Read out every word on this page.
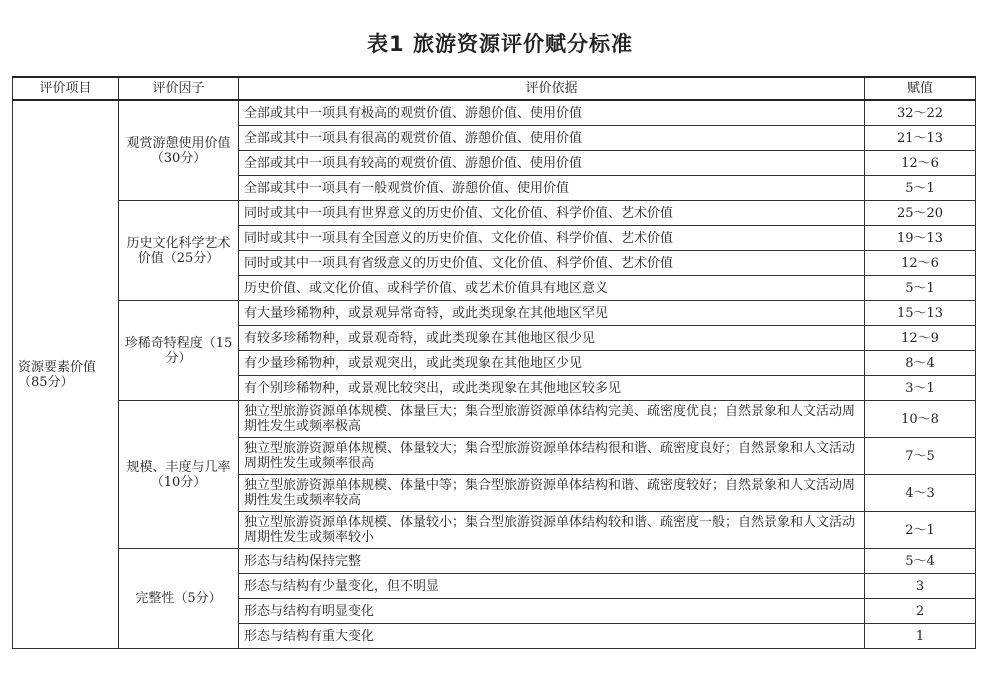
表1 旅游资源评价赋分标准
评价项目	评价因子	评价依据	赋值
资源要素价值（85分）	观赏游憩使用价值（30分）	全部或其中一项具有极高的观赏价值、游憩价值、使用价值	32～22
		全部或其中一项具有很高的观赏价值、游憩价值、使用价值	21～13
		全部或其中一项具有较高的观赏价值、游憩价值、使用价值	12～6
		全部或其中一项具有一般观赏价值、游憩价值、使用价值	5～1
	历史文化科学艺术价值（25分）	同时或其中一项具有世界意义的历史价值、文化价值、科学价值、艺术价值	25～20
		同时或其中一项具有全国意义的历史价值、文化价值、科学价值、艺术价值	19～13
		同时或其中一项具有省级意义的历史价值、文化价值、科学价值、艺术价值	12～6
		历史价值、或文化价值、或科学价值、或艺术价值具有地区意义	5～1
	珍稀奇特程度（15分）	有大量珍稀物种，或景观异常奇特，或此类现象在其他地区罕见	15～13
		有较多珍稀物种，或景观奇特，或此类现象在其他地区很少见	12～9
		有少量珍稀物种，或景观突出，或此类现象在其他地区少见	8～4
		有个别珍稀物种，或景观比较突出，或此类现象在其他地区较多见	3～1
	规模、丰度与几率（10分）	独立型旅游资源单体规模、体量巨大；集合型旅游资源单体结构完美、疏密度优良；自然景象和人文活动周期性发生或频率极高	10～8
		独立型旅游资源单体规模、体量较大；集合型旅游资源单体结构很和谐、疏密度良好；自然景象和人文活动周期性发生或频率很高	7～5
		独立型旅游资源单体规模、体量中等；集合型旅游资源单体结构和谐、疏密度较好；自然景象和人文活动周期性发生或频率较高	4～3
		独立型旅游资源单体规模、体量较小；集合型旅游资源单体结构较和谐、疏密度一般；自然景象和人文活动周期性发生或频率较小	2～1
	完整性（5分）	形态与结构保持完整	5～4
		形态与结构有少量变化，但不明显	3
		形态与结构有明显变化	2
		形态与结构有重大变化	1
